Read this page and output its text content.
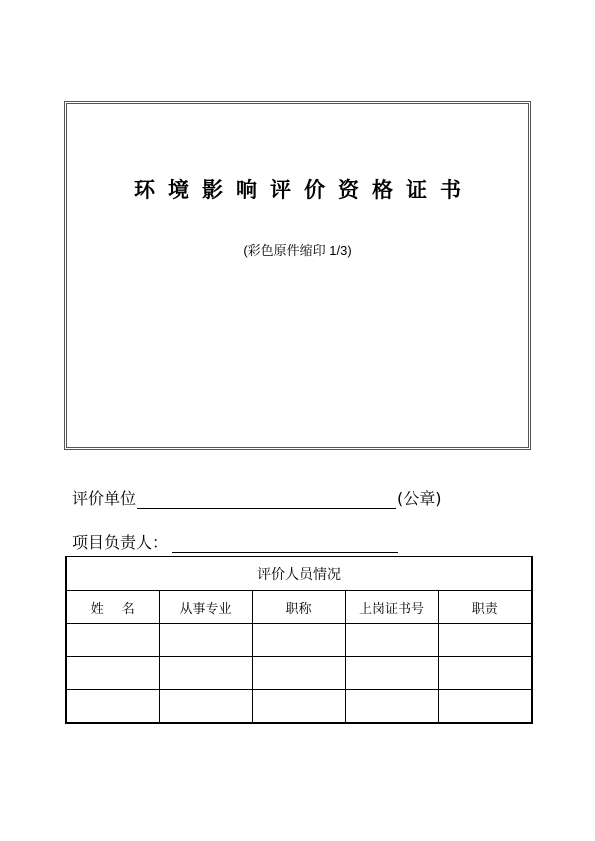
环境影响评价资格证书
(彩色原件缩印 1/3)
评价单位	(公章)
项目负责人：
评价人员情况				
姓名	从事专业	职称	上岗证书号	职责
